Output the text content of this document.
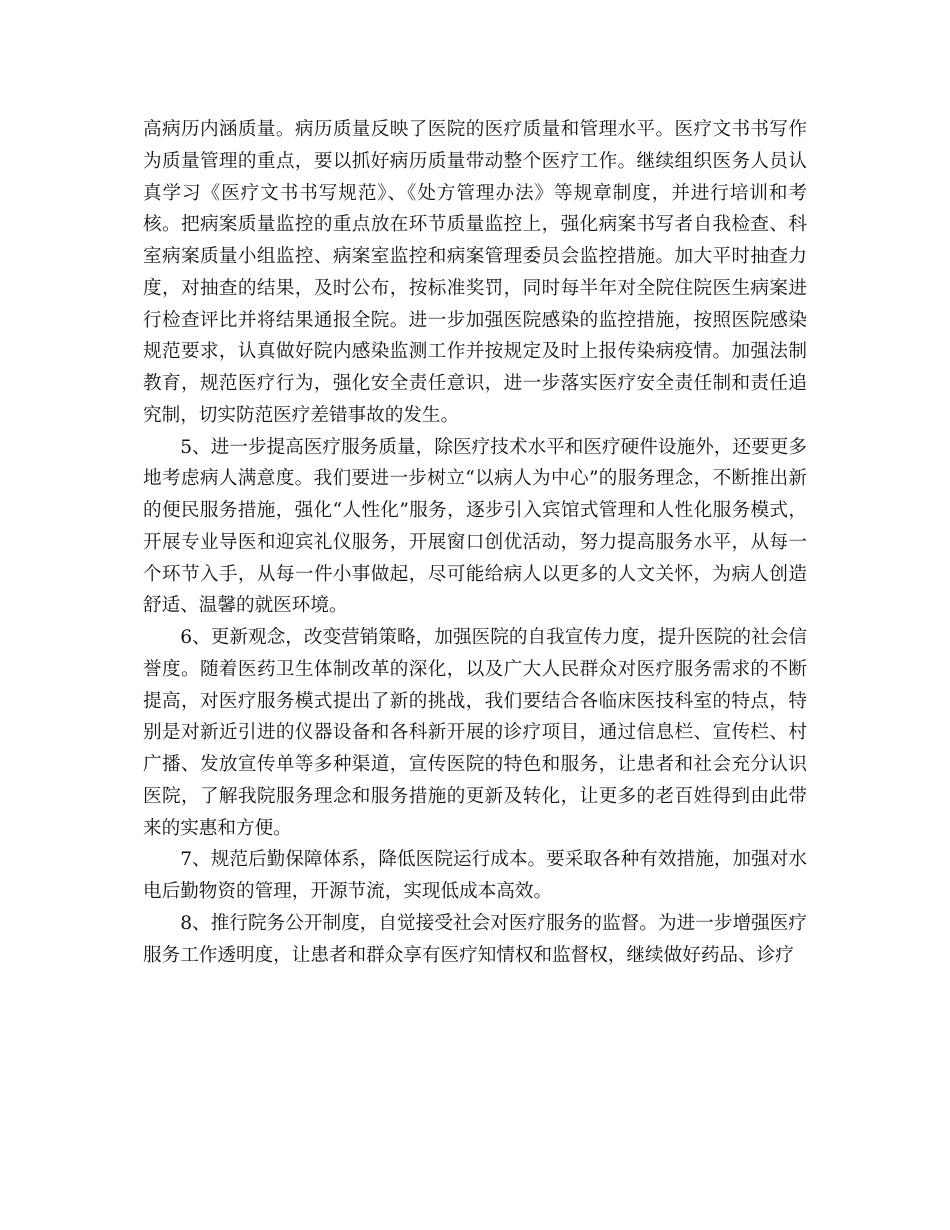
高病历内涵质量。病历质量反映了医院的医疗质量和管理水平。医疗文书书写作为质量管理的重点，要以抓好病历质量带动整个医疗工作。继续组织医务人员认真学习《医疗文书书写规范》、《处方管理办法》等规章制度，并进行培训和考核。把病案质量监控的重点放在环节质量监控上，强化病案书写者自我检查、科室病案质量小组监控、病案室监控和病案管理委员会监控措施。加大平时抽查力度，对抽查的结果，及时公布，按标准奖罚，同时每半年对全院住院医生病案进行检查评比并将结果通报全院。进一步加强医院感染的监控措施，按照医院感染规范要求，认真做好院内感染监测工作并按规定及时上报传染病疫情。加强法制教育，规范医疗行为，强化安全责任意识，进一步落实医疗安全责任制和责任追究制，切实防范医疗差错事故的发生。

5、进一步提高医疗服务质量，除医疗技术水平和医疗硬件设施外，还要更多地考虑病人满意度。我们要进一步树立“以病人为中心”的服务理念，不断推出新的便民服务措施，强化“人性化”服务，逐步引入宾馆式管理和人性化服务模式，开展专业导医和迎宾礼仪服务，开展窗口创优活动，努力提高服务水平，从每一个环节入手，从每一件小事做起，尽可能给病人以更多的人文关怀，为病人创造舒适、温馨的就医环境。

6、更新观念，改变营销策略，加强医院的自我宣传力度，提升医院的社会信誉度。随着医药卫生体制改革的深化，以及广大人民群众对医疗服务需求的不断提高，对医疗服务模式提出了新的挑战，我们要结合各临床医技科室的特点，特别是对新近引进的仪器设备和各科新开展的诊疗项目，通过信息栏、宣传栏、村广播、发放宣传单等多种渠道，宣传医院的特色和服务，让患者和社会充分认识医院，了解我院服务理念和服务措施的更新及转化，让更多的老百姓得到由此带来的实惠和方便。

7、规范后勤保障体系，降低医院运行成本。要采取各种有效措施，加强对水电后勤物资的管理，开源节流，实现低成本高效。

8、推行院务公开制度，自觉接受社会对医疗服务的监督。为进一步增强医疗服务工作透明度，让患者和群众享有医疗知情权和监督权，继续做好药品、诊疗
